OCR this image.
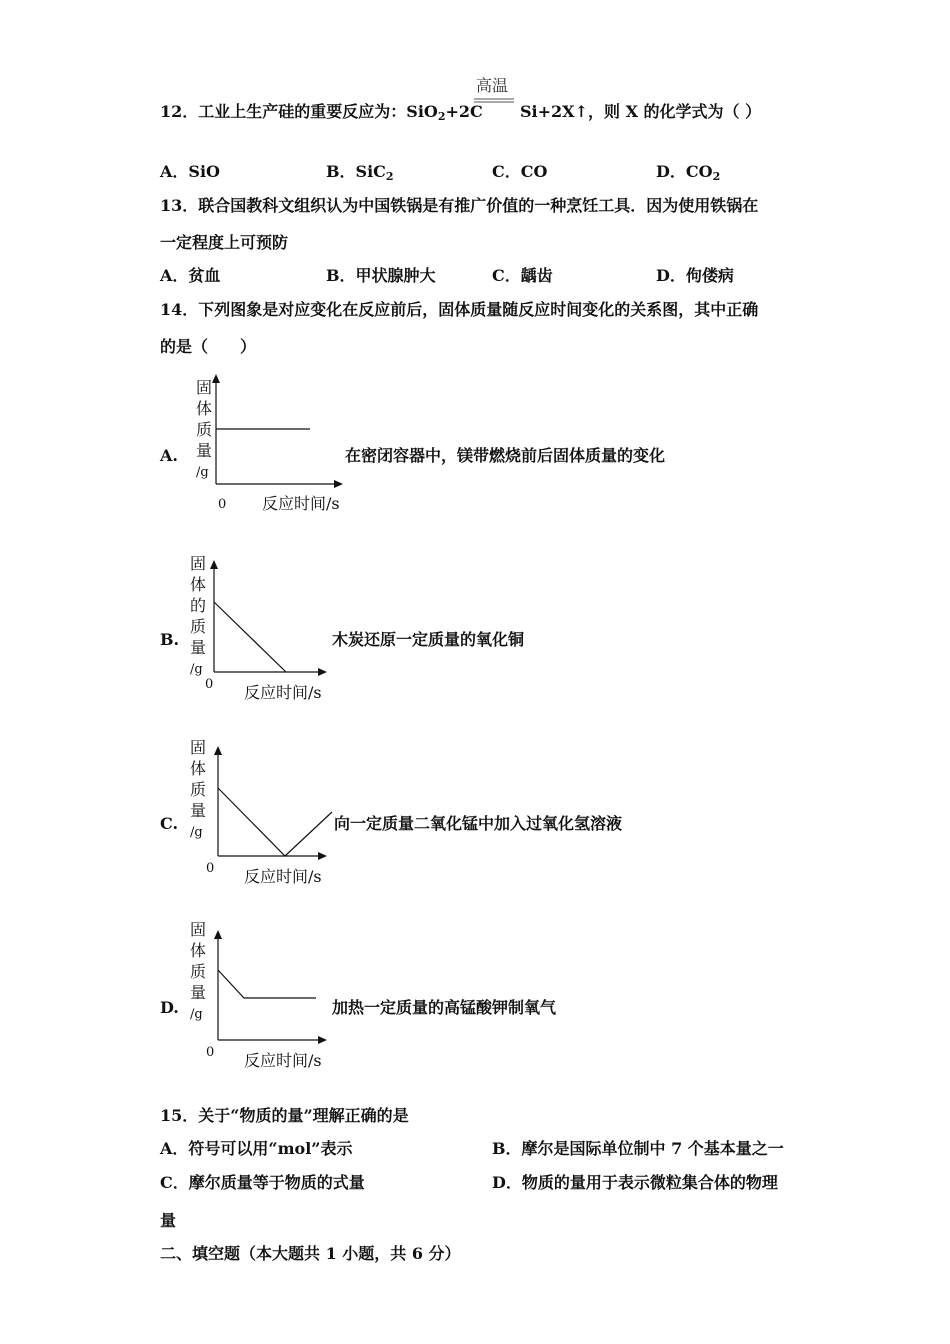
12．工业上生产硅的重要反应为：SiO$_2$+2C
高温
Si+2X↑，则 X 的化学式为（ ）
A．SiO	B．SiC$_2$	C．CO	D．$CO_2$
13．联合国教科文组织认为中国铁锅是有推广价值的一种烹饪工具．因为使用铁锅在
一定程度上可预防
A．贫血	B．甲状腺肿大	C．龋齿	D．佝偻病
14．下列图象是对应变化在反应前后，固体质量随反应时间变化的关系图，其中正确
的是（　　）
A.
固
体
质
量
/g
0 反应时间/s
在密闭容器中，镁带燃烧前后固体质量的变化
B.
固
体
的
质
量
/g
0 反应时间/s
木炭还原一定质量的氧化铜
C.
固
体
质
量
/g
0 反应时间/s
向一定质量二氧化锰中加入过氧化氢溶液
D.
固
体
质
量
/g
0 反应时间/s
加热一定质量的高锰酸钾制氧气
15．关于“物质的量”理解正确的是
A．符号可以用“mol”表示	B．摩尔是国际单位制中 7 个基本量之一
C．摩尔质量等于物质的式量	D．物质的量用于表示微粒集合体的物理
量
二、填空题（本大题共 1 小题，共 6 分）
